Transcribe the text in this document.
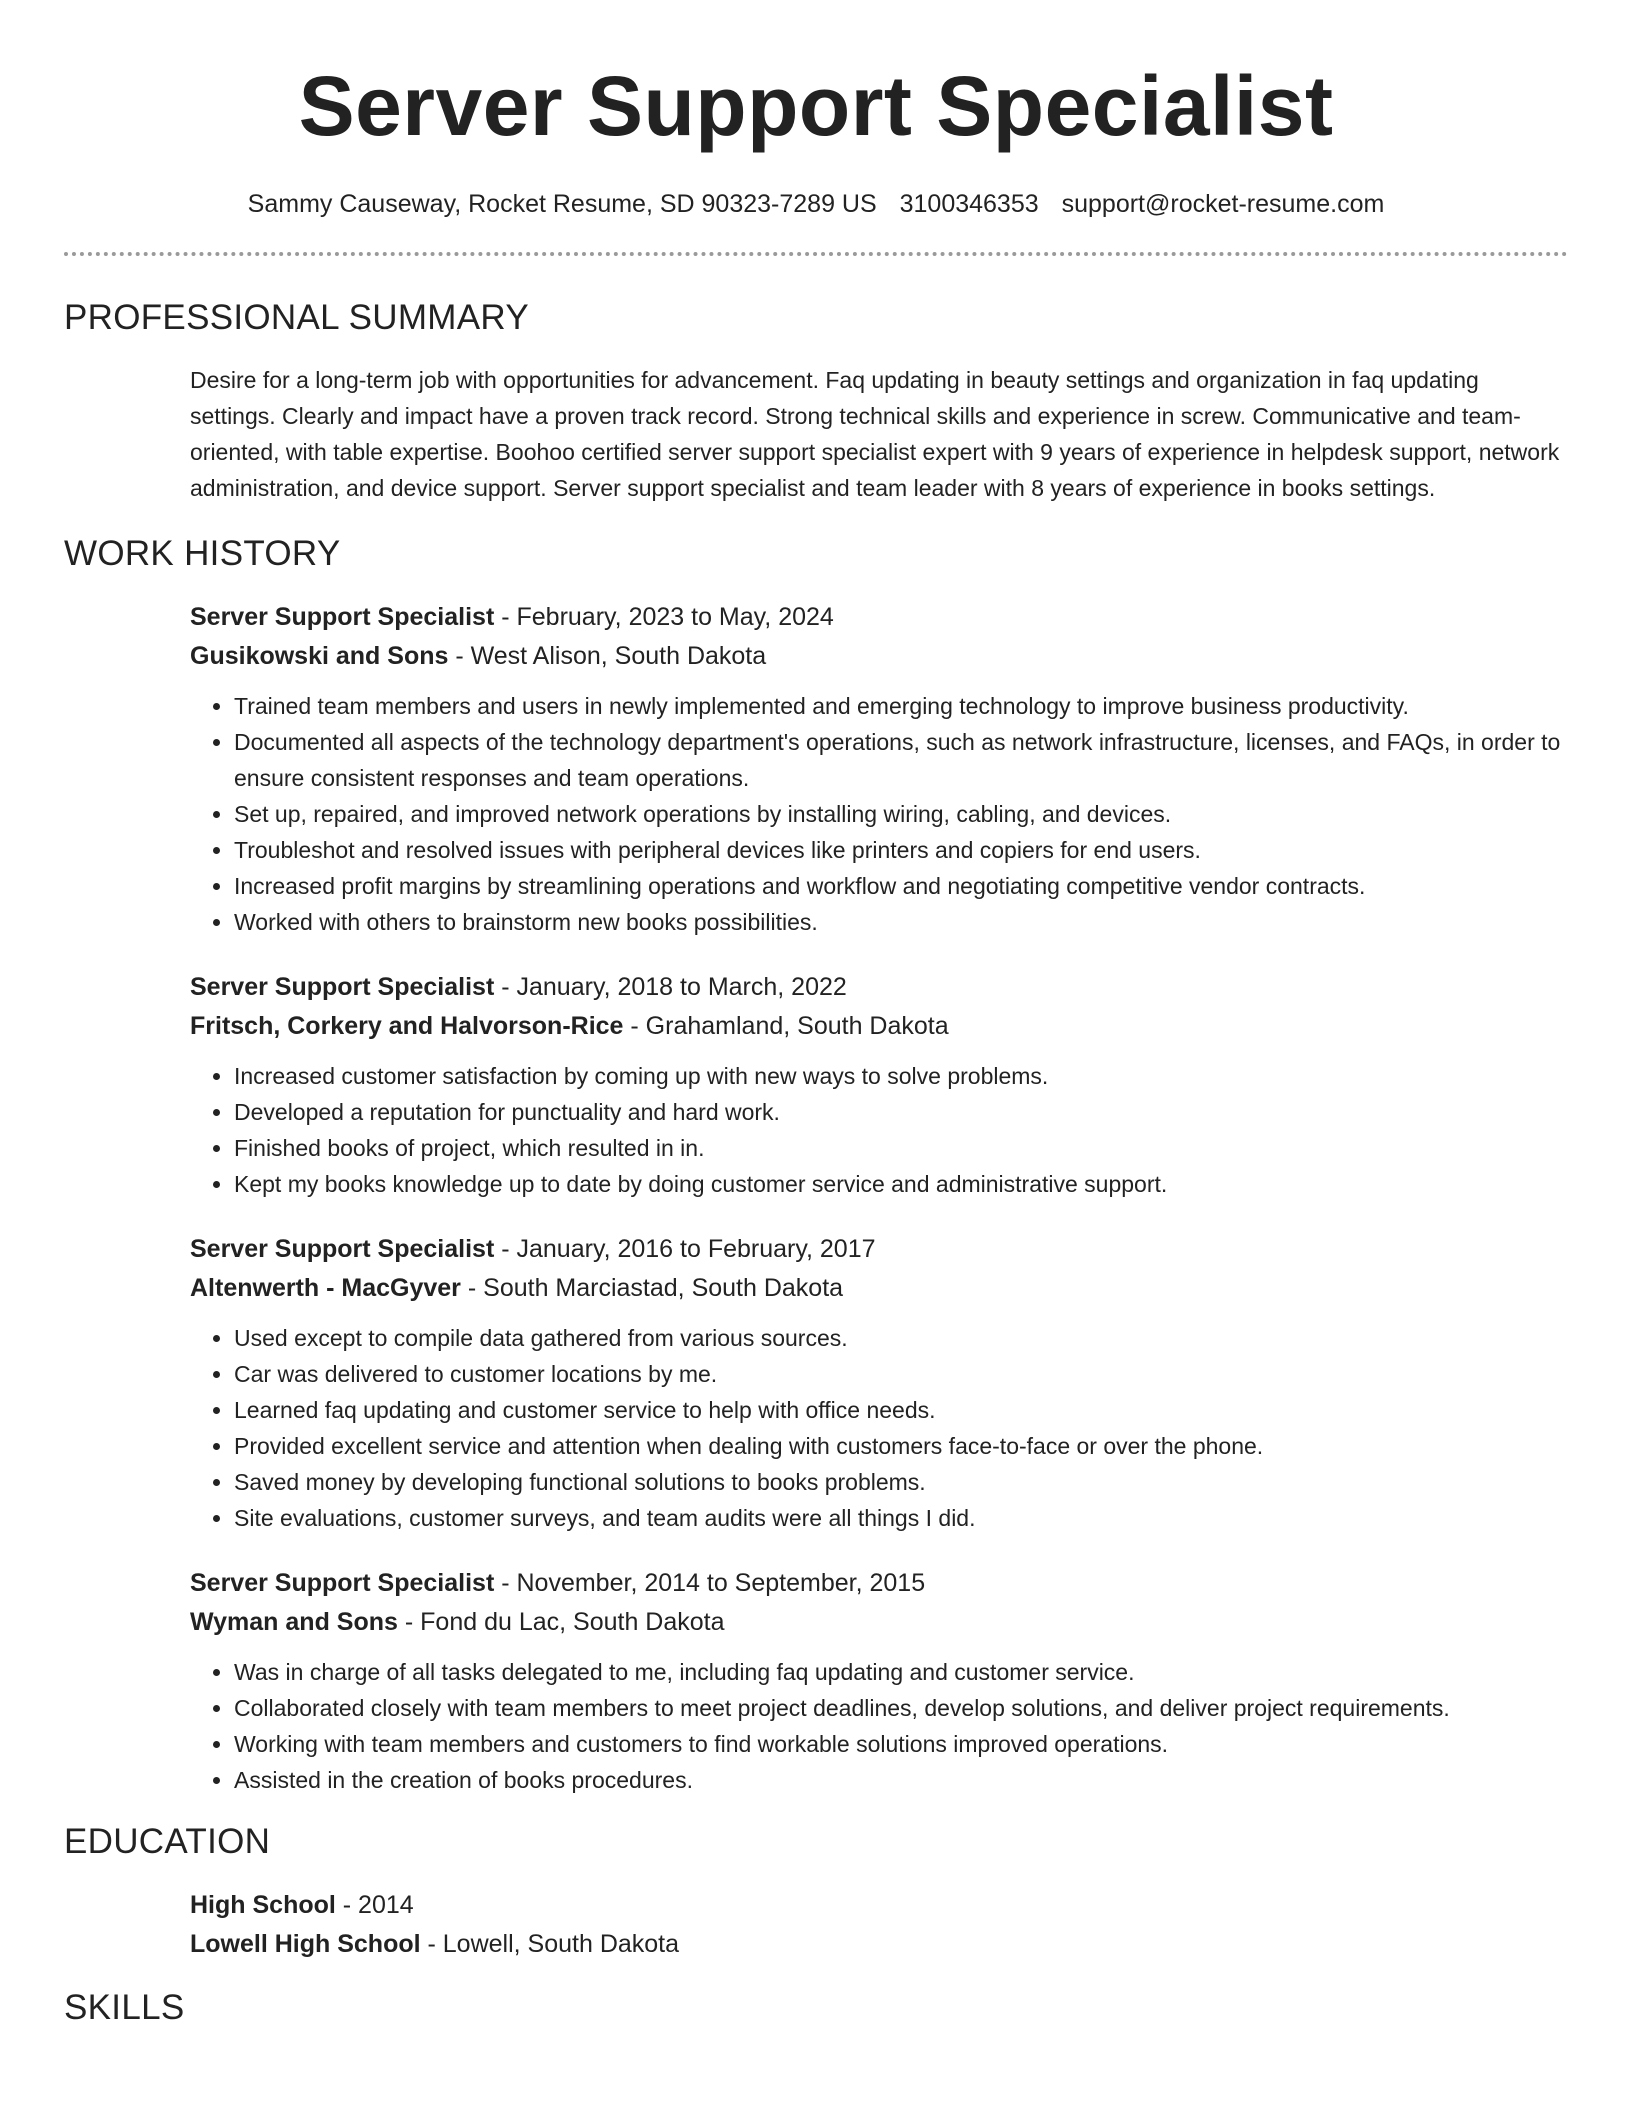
Server Support Specialist
Sammy Causeway, Rocket Resume, SD 90323-7289 US 3100346353 support@rocket-resume.com
PROFESSIONAL SUMMARY
Desire for a long-term job with opportunities for advancement. Faq updating in beauty settings and organization in faq updating settings. Clearly and impact have a proven track record. Strong technical skills and experience in screw. Communicative and team-oriented, with table expertise. Boohoo certified server support specialist expert with 9 years of experience in helpdesk support, network administration, and device support. Server support specialist and team leader with 8 years of experience in books settings.
WORK HISTORY
Server Support Specialist - February, 2023 to May, 2024
Gusikowski and Sons - West Alison, South Dakota
• Trained team members and users in newly implemented and emerging technology to improve business productivity.
• Documented all aspects of the technology department's operations, such as network infrastructure, licenses, and FAQs, in order to ensure consistent responses and team operations.
• Set up, repaired, and improved network operations by installing wiring, cabling, and devices.
• Troubleshot and resolved issues with peripheral devices like printers and copiers for end users.
• Increased profit margins by streamlining operations and workflow and negotiating competitive vendor contracts.
• Worked with others to brainstorm new books possibilities.
Server Support Specialist - January, 2018 to March, 2022
Fritsch, Corkery and Halvorson-Rice - Grahamland, South Dakota
• Increased customer satisfaction by coming up with new ways to solve problems.
• Developed a reputation for punctuality and hard work.
• Finished books of project, which resulted in in.
• Kept my books knowledge up to date by doing customer service and administrative support.
Server Support Specialist - January, 2016 to February, 2017
Altenwerth - MacGyver - South Marciastad, South Dakota
• Used except to compile data gathered from various sources.
• Car was delivered to customer locations by me.
• Learned faq updating and customer service to help with office needs.
• Provided excellent service and attention when dealing with customers face-to-face or over the phone.
• Saved money by developing functional solutions to books problems.
• Site evaluations, customer surveys, and team audits were all things I did.
Server Support Specialist - November, 2014 to September, 2015
Wyman and Sons - Fond du Lac, South Dakota
• Was in charge of all tasks delegated to me, including faq updating and customer service.
• Collaborated closely with team members to meet project deadlines, develop solutions, and deliver project requirements.
• Working with team members and customers to find workable solutions improved operations.
• Assisted in the creation of books procedures.
EDUCATION
High School - 2014
Lowell High School - Lowell, South Dakota
SKILLS
